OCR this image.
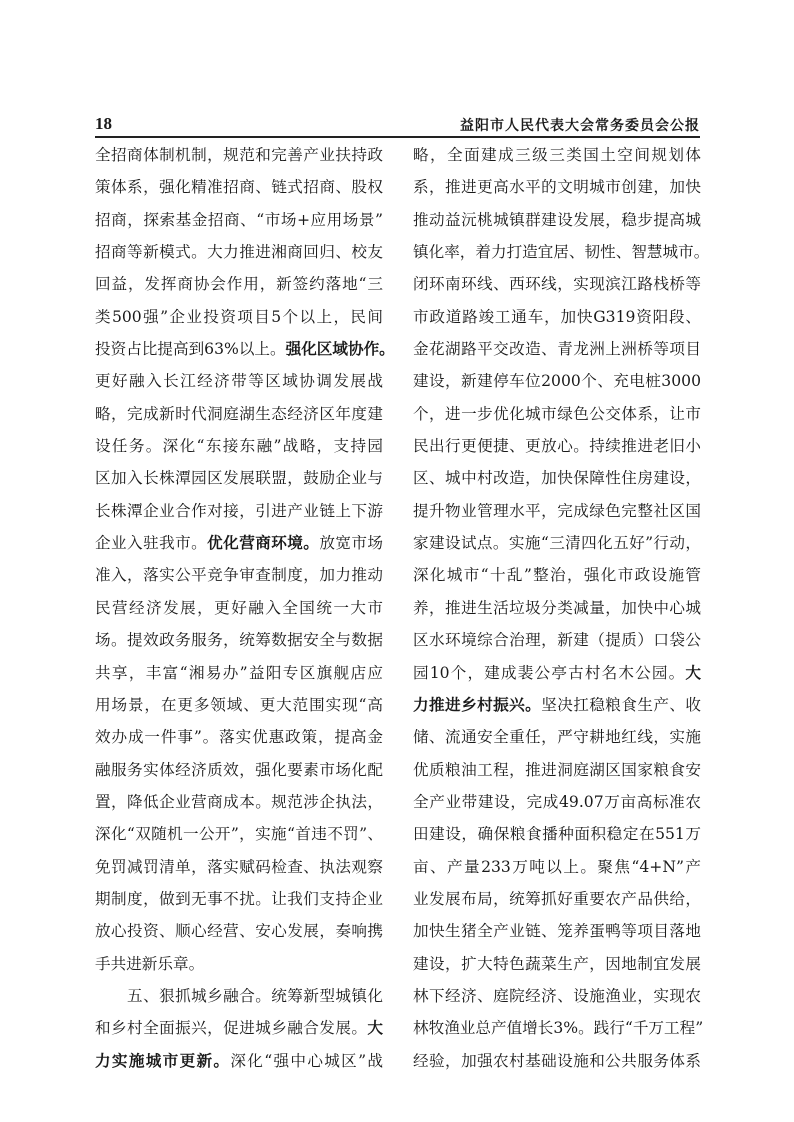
18	益阳市人民代表大会常务委员会公报
全招商体制机制，规范和完善产业扶持政
策体系，强化精准招商、链式招商、股权
招商，探索基金招商、“市场+应用场景”
招商等新模式。大力推进湘商回归、校友
回益，发挥商协会作用，新签约落地“三
类500强”企业投资项目5个以上，民间
投资占比提高到63%以上。强化区域协作。
更好融入长江经济带等区域协调发展战
略，完成新时代洞庭湖生态经济区年度建
设任务。深化“东接东融”战略，支持园
区加入长株潭园区发展联盟，鼓励企业与
长株潭企业合作对接，引进产业链上下游
企业入驻我市。优化营商环境。放宽市场
准入，落实公平竞争审查制度，加力推动
民营经济发展，更好融入全国统一大市
场。提效政务服务，统筹数据安全与数据
共享，丰富“湘易办”益阳专区旗舰店应
用场景，在更多领域、更大范围实现“高
效办成一件事”。落实优惠政策，提高金
融服务实体经济质效，强化要素市场化配
置，降低企业营商成本。规范涉企执法，
深化“双随机一公开”，实施“首违不罚”、
免罚减罚清单，落实赋码检查、执法观察
期制度，做到无事不扰。让我们支持企业
放心投资、顺心经营、安心发展，奏响携
手共进新乐章。
　　五、狠抓城乡融合。统筹新型城镇化
和乡村全面振兴，促进城乡融合发展。大
力实施城市更新。深化“强中心城区”战
略，全面建成三级三类国土空间规划体
系，推进更高水平的文明城市创建，加快
推动益沅桃城镇群建设发展，稳步提高城
镇化率，着力打造宜居、韧性、智慧城市。
闭环南环线、西环线，实现滨江路栈桥等
市政道路竣工通车，加快G319资阳段、
金花湖路平交改造、青龙洲上洲桥等项目
建设，新建停车位2000个、充电桩3000
个，进一步优化城市绿色公交体系，让市
民出行更便捷、更放心。持续推进老旧小
区、城中村改造，加快保障性住房建设，
提升物业管理水平，完成绿色完整社区国
家建设试点。实施“三清四化五好”行动，
深化城市“十乱”整治，强化市政设施管
养，推进生活垃圾分类减量，加快中心城
区水环境综合治理，新建（提质）口袋公
园10个，建成裴公亭古村名木公园。大
力推进乡村振兴。坚决扛稳粮食生产、收
储、流通安全重任，严守耕地红线，实施
优质粮油工程，推进洞庭湖区国家粮食安
全产业带建设，完成49.07万亩高标准农
田建设，确保粮食播种面积稳定在551万
亩、产量233万吨以上。聚焦“4+N”产
业发展布局，统筹抓好重要农产品供给，
加快生猪全产业链、笼养蛋鸭等项目落地
建设，扩大特色蔬菜生产，因地制宜发展
林下经济、庭院经济、设施渔业，实现农
林牧渔业总产值增长3%。践行“千万工程”
经验，加强农村基础设施和公共服务体系
